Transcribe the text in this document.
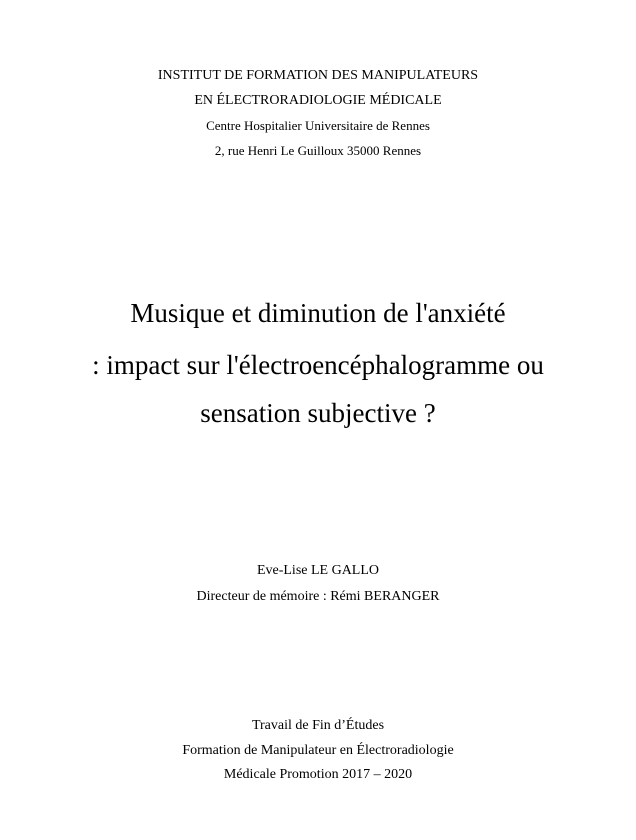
INSTITUT DE FORMATION DES MANIPULATEURS
EN ÉLECTRORADIOLOGIE MÉDICALE
Centre Hospitalier Universitaire de Rennes
2, rue Henri Le Guilloux 35000 Rennes
Musique et diminution de l'anxiété
: impact sur l'électroencéphalogramme ou
sensation subjective ?
Eve-Lise LE GALLO
Directeur de mémoire : Rémi BERANGER
Travail de Fin d’Études
Formation de Manipulateur en Électroradiologie
Médicale Promotion 2017 – 2020
